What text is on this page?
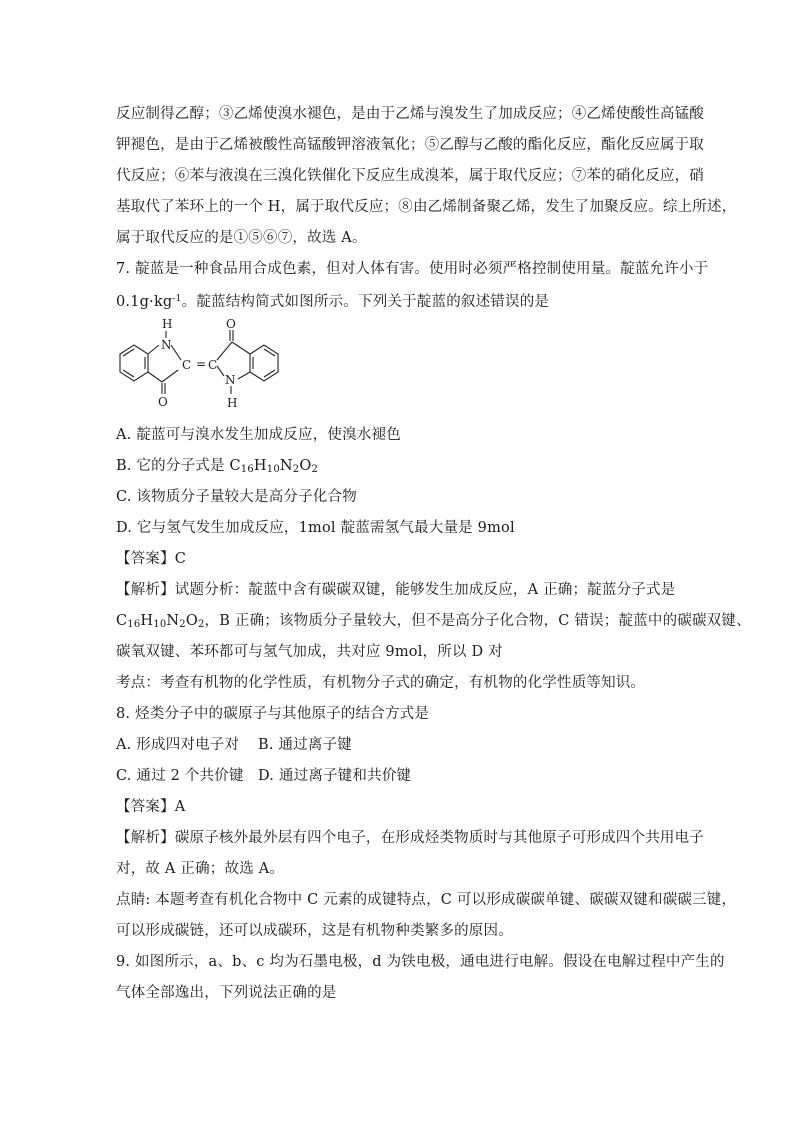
反应制得乙醇；③乙烯使溴水褪色，是由于乙烯与溴发生了加成反应；④乙烯使酸性高锰酸
钾褪色，是由于乙烯被酸性高锰酸钾溶液氧化；⑤乙醇与乙酸的酯化反应，酯化反应属于取
代反应；⑥苯与液溴在三溴化铁催化下反应生成溴苯，属于取代反应；⑦苯的硝化反应，硝
基取代了苯环上的一个 H，属于取代反应；⑧由乙烯制备聚乙烯，发生了加聚反应。综上所述，
属于取代反应的是①⑤⑥⑦，故选 A。
7. 靛蓝是一种食品用合成色素，但对人体有害。使用时必须严格控制使用量。靛蓝允许小于
$0.1g\cdot kg^{-1}$。靛蓝结构简式如图所示。下列关于靛蓝的叙述错误的是
H
N
C = C
O
O
N
H
A. 靛蓝可与溴水发生加成反应，使溴水褪色
B. 它的分子式是 $C_{16}H_{10}N_2O_2$
C. 该物质分子量较大是高分子化合物
D. 它与氢气发生加成反应，1mol 靛蓝需氢气最大量是 9mol
【答案】C
【解析】试题分析：靛蓝中含有碳碳双键，能够发生加成反应，A 正确；靛蓝分子式是
$C_{16}H_{10}N_2O_2$，B 正确；该物质分子量较大，但不是高分子化合物，C 错误；靛蓝中的碳碳双键、
碳氧双键、苯环都可与氢气加成，共对应 9mol，所以 D 对
考点：考查有机物的化学性质，有机物分子式的确定，有机物的化学性质等知识。
8. 烃类分子中的碳原子与其他原子的结合方式是
A. 形成四对电子对 B. 通过离子键
C. 通过 2 个共价键 D. 通过离子键和共价键
【答案】A
【解析】碳原子核外最外层有四个电子，在形成烃类物质时与其他原子可形成四个共用电子
对，故 A 正确；故选 A。
点睛: 本题考查有机化合物中 C 元素的成键特点，C 可以形成碳碳单键、碳碳双键和碳碳三键，
可以形成碳链，还可以成碳环，这是有机物种类繁多的原因。
9. 如图所示，a、b、c 均为石墨电极，d 为铁电极，通电进行电解。假设在电解过程中产生的
气体全部逸出，下列说法正确的是
